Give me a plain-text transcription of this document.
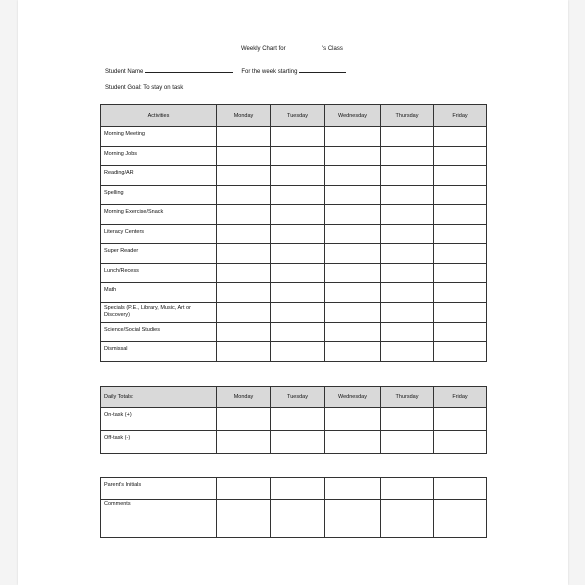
Weekly Chart for	's Class
Student Name	For the week starting
Student Goal: To stay on task
Activities	Monday	Tuesday	Wednesday	Thursday	Friday
Morning Meeting					
Morning Jobs					
Reading/AR					
Spelling					
Morning Exercise/Snack					
Literacy Centers					
Super Reader					
Lunch/Recess					
Math					
Specials (P.E., Library, Music, Art or Discovery)					
Science/Social Studies					
Dismissal					
Daily Totals:	Monday	Tuesday	Wednesday	Thursday	Friday
On-task (+)					
Off-task (-)					
Parent's Initials					
Comments					
